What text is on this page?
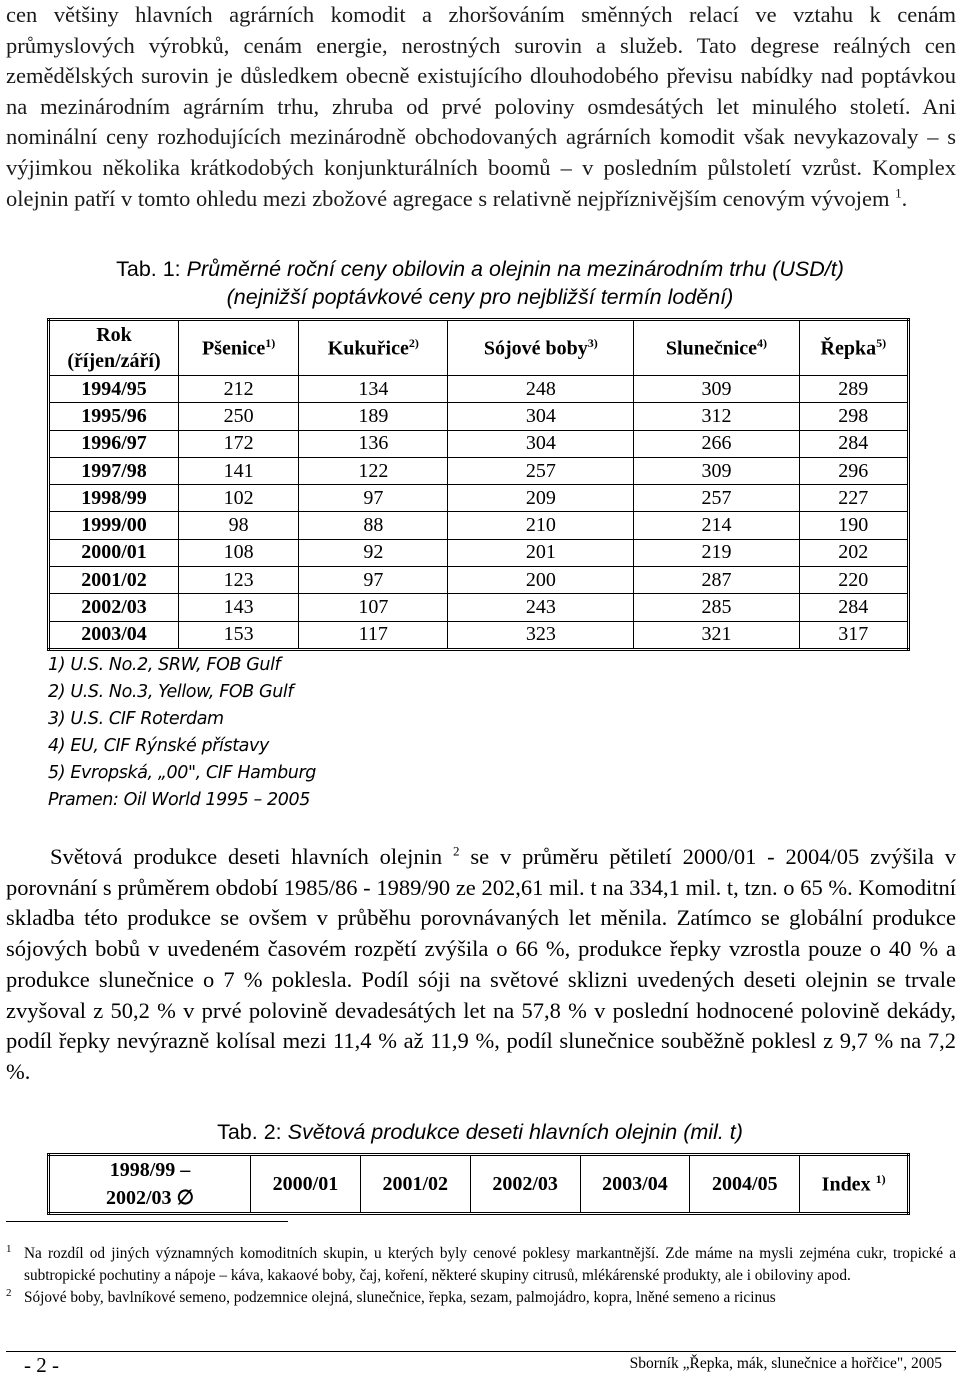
cen většiny hlavních agrárních komodit a zhoršováním směnných relací ve vztahu k cenám průmyslových výrobků, cenám energie, nerostných surovin a služeb. Tato degrese reálných cen zemědělských surovin je důsledkem obecně existujícího dlouhodobého převisu nabídky nad poptávkou na mezinárodním agrárním trhu, zhruba od prvé poloviny osmdesátých let minulého století. Ani nominální ceny rozhodujících mezinárodně obchodovaných agrárních komodit však nevykazovaly – s výjimkou několika krátkodobých konjunkturálních boomů – v posledním půlstoletí vzrůst. Komplex olejnin patří v tomto ohledu mezi zbožové agregace s relativně nejpříznivějším cenovým vývojem $^1$.

Tab. 1: Průměrné roční ceny obilovin a olejnin na mezinárodním trhu (USD/t)
(nejnižší poptávkové ceny pro nejbližší termín lodění)
Rok (říjen/září)	Pšenice$^{1)}$	Kukuřice$^{2)}$	Sójové boby$^{3)}$	Slunečnice$^{4)}$	Řepka$^{5)}$
1994/95	212	134	248	309	289
1995/96	250	189	304	312	298
1996/97	172	136	304	266	284
1997/98	141	122	257	309	296
1998/99	102	97	209	257	227
1999/00	98	88	210	214	190
2000/01	108	92	201	219	202
2001/02	123	97	200	287	220
2002/03	143	107	243	285	284
2003/04	153	117	323	321	317
1) U.S. No.2, SRW, FOB Gulf
2) U.S. No.3, Yellow, FOB Gulf
3) U.S. CIF Roterdam
4) EU, CIF Rýnské přístavy
5) Evropská, „00", CIF Hamburg
Pramen: Oil World 1995 – 2005

Světová produkce deseti hlavních olejnin $^2$ se v průměru pětiletí 2000/01 - 2004/05 zvýšila v porovnání s průměrem období 1985/86 - 1989/90 ze 202,61 mil. t na 334,1 mil. t, tzn. o 65 %. Komoditní skladba této produkce se ovšem v průběhu porovnávaných let měnila. Zatímco se globální produkce sójových bobů v uvedeném časovém rozpětí zvýšila o 66 %, produkce řepky vzrostla pouze o 40 % a produkce slunečnice o 7 % poklesla. Podíl sóji na světové sklizni uvedených deseti olejnin se trvale zvyšoval z 50,2 % v prvé polovině devadesátých let na 57,8 % v poslední hodnocené polovině dekády, podíl řepky nevýrazně kolísal mezi 11,4 % až 11,9 %, podíl slunečnice souběžně poklesl z 9,7 % na 7,2 %.

Tab. 2: Světová produkce deseti hlavních olejnin (mil. t)
1998/99 –
2002/03 ∅
	2000/01	2001/02	2002/03	2003/04	2004/05	Index $^{1)}$
1 Na rozdíl od jiných významných komoditních skupin, u kterých byly cenové poklesy markantnější. Zde máme na mysli zejména cukr, tropické a subtropické pochutiny a nápoje – káva, kakaové boby, čaj, koření, některé skupiny citrusů, mlékárenské produkty, ale i obiloviny apod.
2 Sójové boby, bavlníkové semeno, podzemnice olejná, slunečnice, řepka, sezam, palmojádro, kopra, lněné semeno a ricinus
- 2 -	Sborník „Řepka, mák, slunečnice a hořčice", 2005
